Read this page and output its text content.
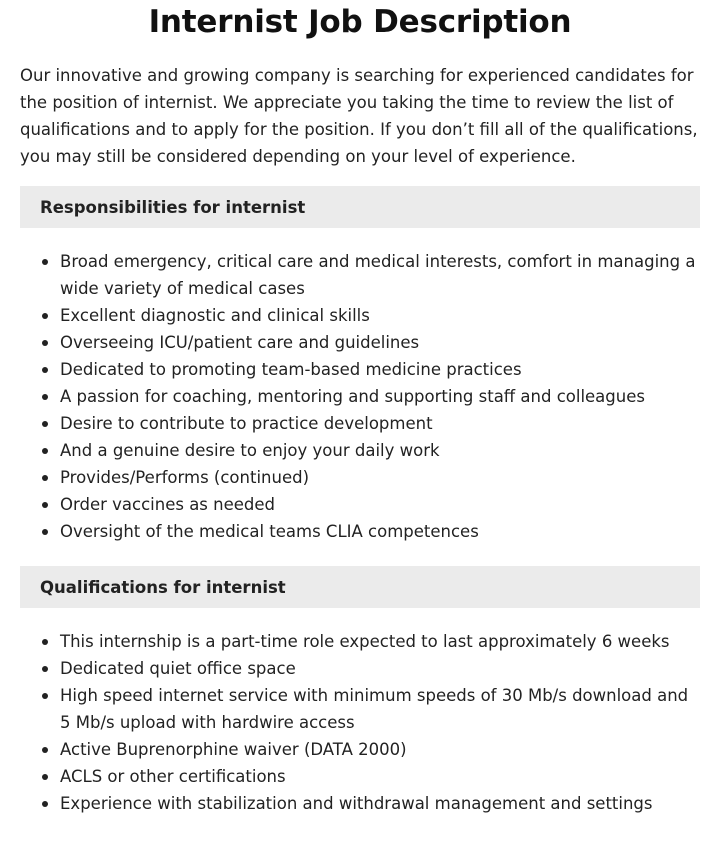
Internist Job Description

Our innovative and growing company is searching for experienced candidates for the position of internist. We appreciate you taking the time to review the list of qualifications and to apply for the position. If you don’t fill all of the qualifications, you may still be considered depending on your level of experience.

Responsibilities for internist
Broad emergency, critical care and medical interests, comfort in managing a wide variety of medical cases
Excellent diagnostic and clinical skills
Overseeing ICU/patient care and guidelines
Dedicated to promoting team-based medicine practices
A passion for coaching, mentoring and supporting staff and colleagues
Desire to contribute to practice development
And a genuine desire to enjoy your daily work
Provides/Performs (continued)
Order vaccines as needed
Oversight of the medical teams CLIA competences
Qualifications for internist
This internship is a part-time role expected to last approximately 6 weeks
Dedicated quiet office space
High speed internet service with minimum speeds of 30 Mb/s download and 5 Mb/s upload with hardwire access
Active Buprenorphine waiver (DATA 2000)
ACLS or other certifications
Experience with stabilization and withdrawal management and settings
